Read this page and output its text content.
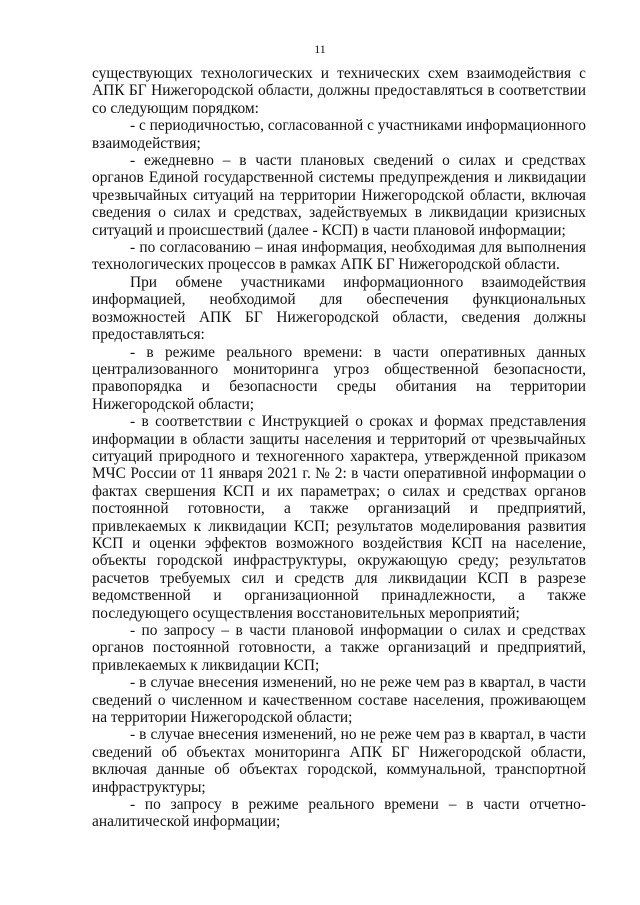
11

существующих технологических и технических схем взаимодействия с АПК БГ Нижегородской области, должны предоставляться в соответствии со следующим порядком:

- с периодичностью, согласованной с участниками информационного взаимодействия;

- ежедневно – в части плановых сведений о силах и средствах органов Единой государственной системы предупреждения и ликвидации чрезвычайных ситуаций на территории Нижегородской области, включая сведения о силах и средствах, задействуемых в ликвидации кризисных ситуаций и происшествий (далее - КСП) в части плановой информации;

- по согласованию – иная информация, необходимая для выполнения технологических процессов в рамках АПК БГ Нижегородской области.

При обмене участниками информационного взаимодействия информацией, необходимой для обеспечения функциональных возможностей АПК БГ Нижегородской области, сведения должны предоставляться:

- в режиме реального времени: в части оперативных данных централизованного мониторинга угроз общественной безопасности, правопорядка и безопасности среды обитания на территории Нижегородской области;

- в соответствии с Инструкцией о сроках и формах представления информации в области защиты населения и территорий от чрезвычайных ситуаций природного и техногенного характера, утвержденной приказом МЧС России от 11 января 2021 г. № 2: в части оперативной информации о фактах свершения КСП и их параметрах; о силах и средствах органов постоянной готовности, а также организаций и предприятий, привлекаемых к ликвидации КСП; результатов моделирования развития КСП и оценки эффектов возможного воздействия КСП на население, объекты городской инфраструктуры, окружающую среду; результатов расчетов требуемых сил и средств для ликвидации КСП в разрезе ведомственной и организационной принадлежности, а также последующего осуществления восстановительных мероприятий;

- по запросу – в части плановой информации о силах и средствах органов постоянной готовности, а также организаций и предприятий, привлекаемых к ликвидации КСП;

- в случае внесения изменений, но не реже чем раз в квартал, в части сведений о численном и качественном составе населения, проживающем на территории Нижегородской области;

- в случае внесения изменений, но не реже чем раз в квартал, в части сведений об объектах мониторинга АПК БГ Нижегородской области, включая данные об объектах городской, коммунальной, транспортной инфраструктуры;

- по запросу в режиме реального времени – в части отчетно-аналитической информации;
